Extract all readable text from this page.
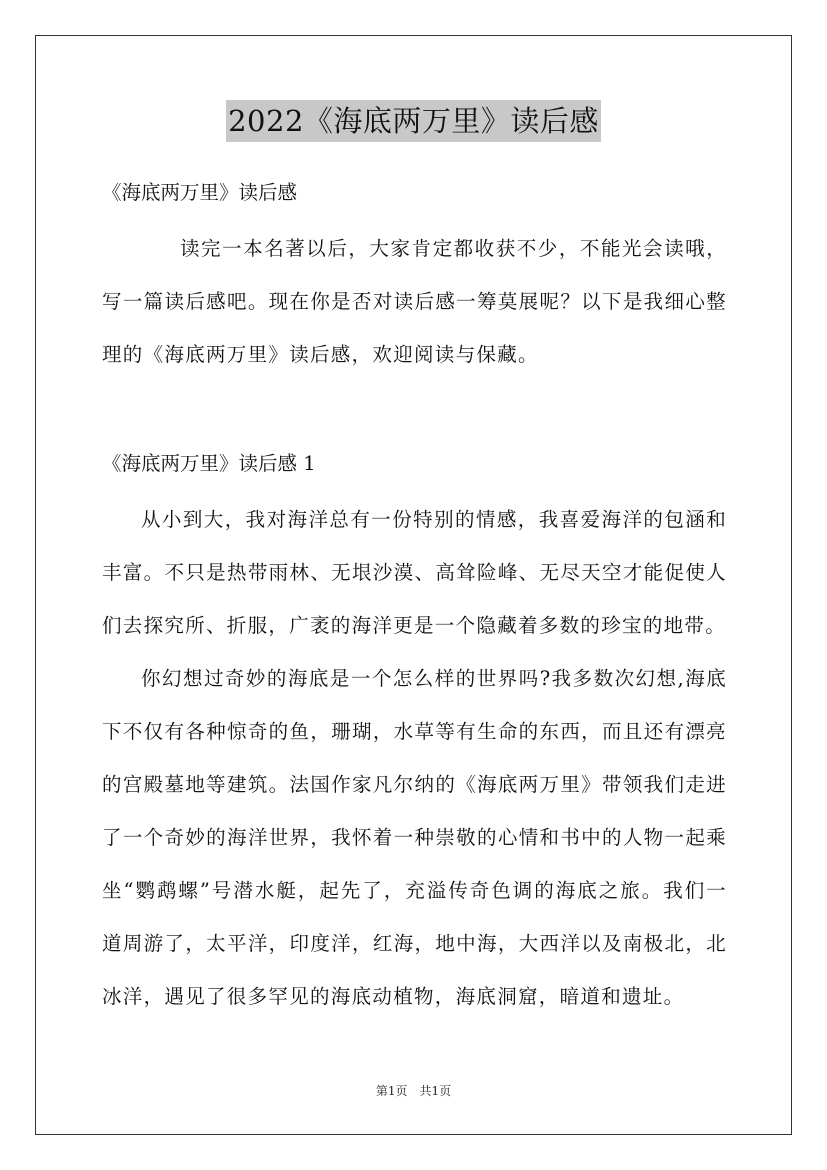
2022《海底两万里》读后感

《海底两万里》读后感

读完一本名著以后，大家肯定都收获不少，不能光会读哦，写一篇读后感吧。现在你是否对读后感一筹莫展呢？以下是我细心整理的《海底两万里》读后感，欢迎阅读与保藏。

《海底两万里》读后感 1

从小到大，我对海洋总有一份特别的情感，我喜爱海洋的包涵和丰富。不只是热带雨林、无垠沙漠、高耸险峰、无尽天空才能促使人们去探究所、折服，广袤的海洋更是一个隐藏着多数的珍宝的地带。

你幻想过奇妙的海底是一个怎么样的世界吗?我多数次幻想,海底下不仅有各种惊奇的鱼，珊瑚，水草等有生命的东西，而且还有漂亮的宫殿墓地等建筑。法国作家凡尔纳的《海底两万里》带领我们走进了一个奇妙的海洋世界，我怀着一种崇敬的心情和书中的人物一起乘坐“鹦鹉螺”号潜水艇，起先了，充溢传奇色调的海底之旅。我们一道周游了，太平洋，印度洋，红海，地中海，大西洋以及南极北，北冰洋，遇见了很多罕见的海底动植物，海底洞窟，暗道和遗址。

第1页 共1页
